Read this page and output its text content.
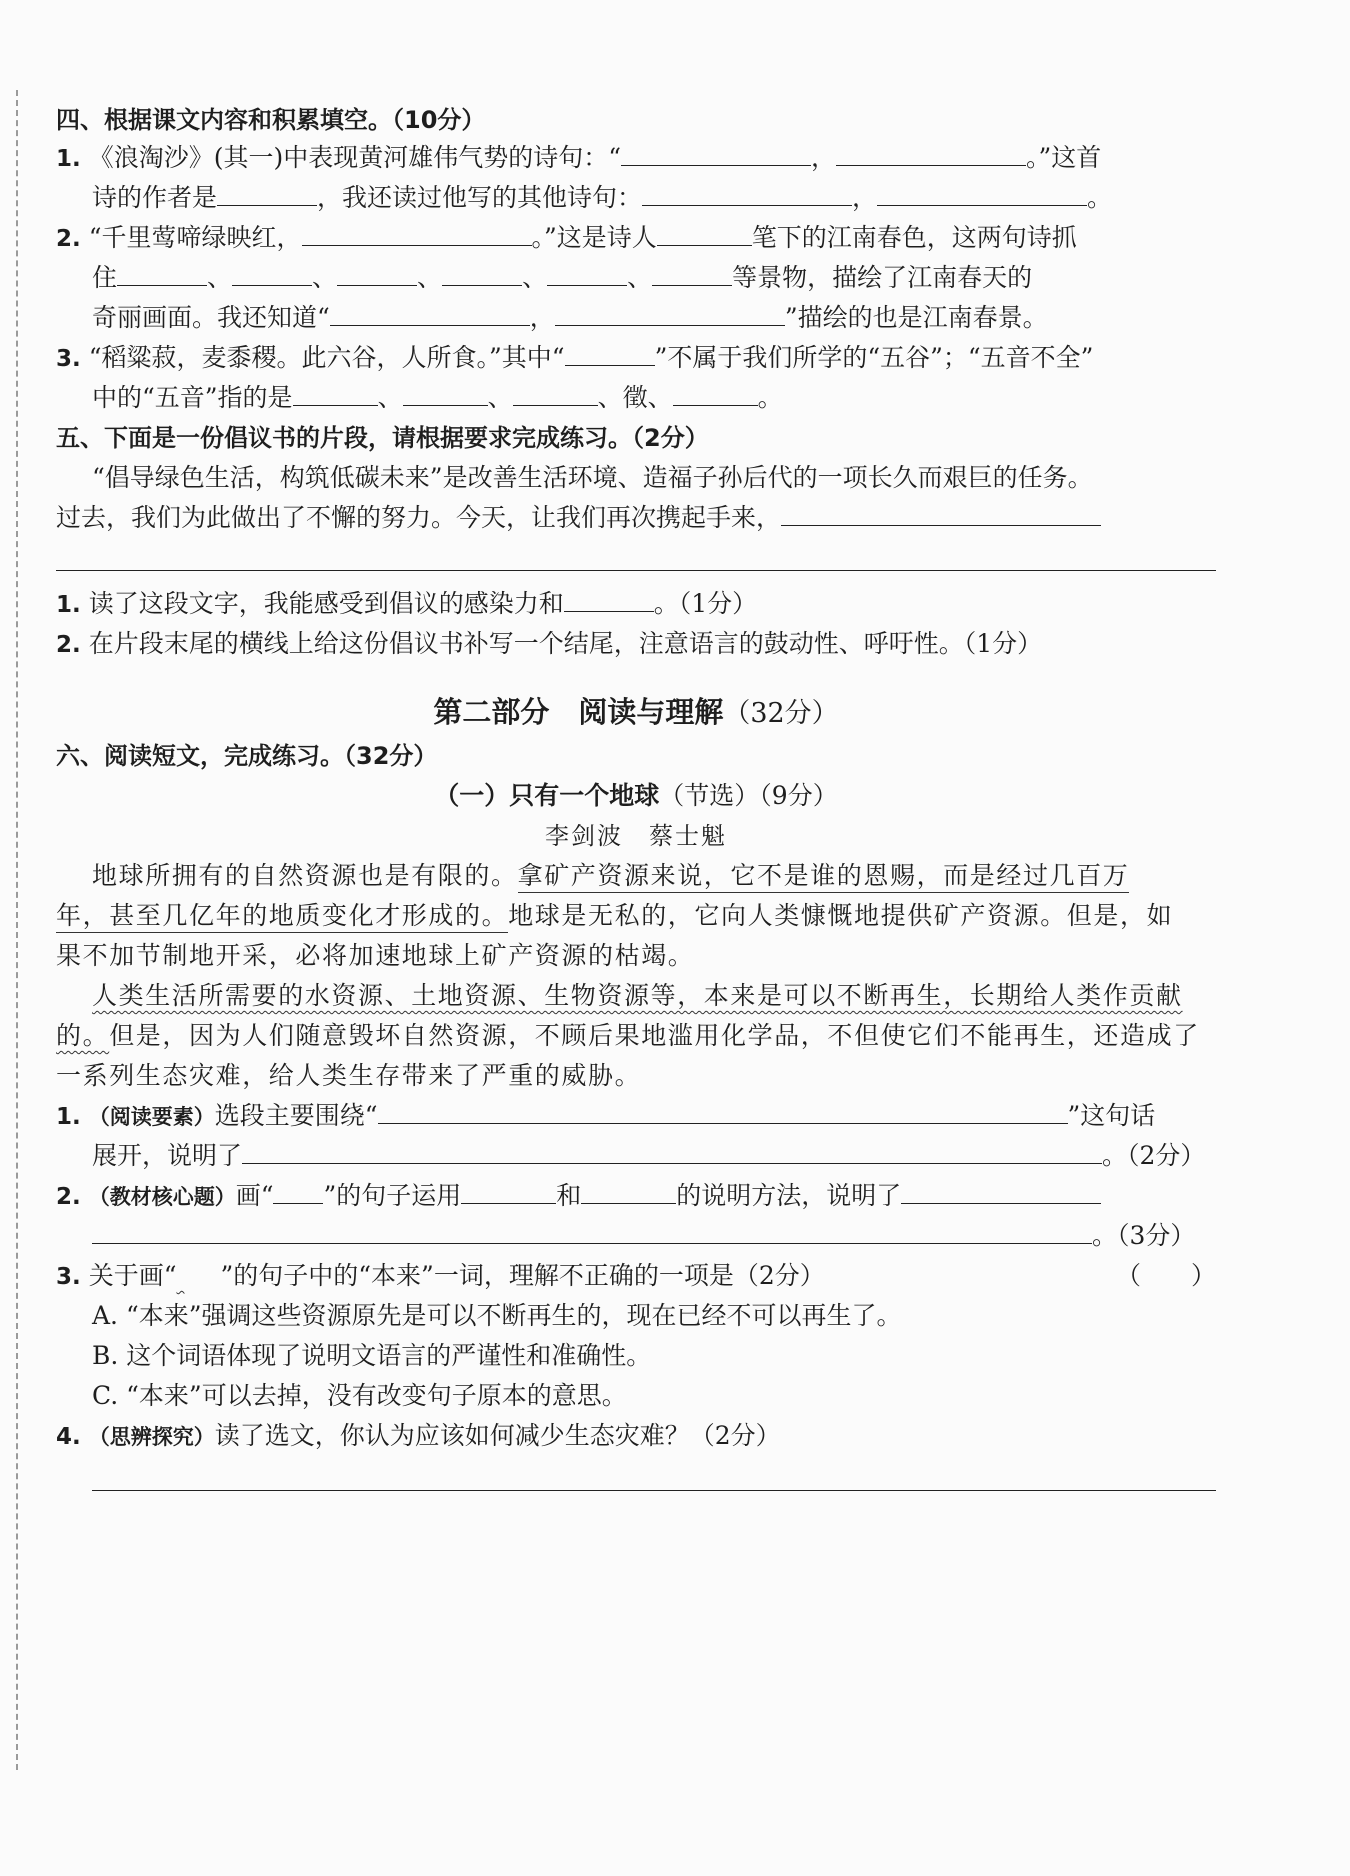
四、根据课文内容和积累填空。（10分）
1. 《浪淘沙》(其一)中表现黄河雄伟气势的诗句：“	，	。”这首
诗的作者是	，我还读过他写的其他诗句：	，	。
2. “千里莺啼绿映红，	。”这是诗人	笔下的江南春色，这两句诗抓
住	、	、	、	、	、	等景物，描绘了江南春天的
奇丽画面。我还知道“	，	”描绘的也是江南春景。
3. “稻粱菽，麦黍稷。此六谷，人所食。”其中“	”不属于我们所学的“五谷”；“五音不全”
中的“五音”指的是	、	、	、徵、	。
五、下面是一份倡议书的片段，请根据要求完成练习。（2分）
“倡导绿色生活，构筑低碳未来”是改善生活环境、造福子孙后代的一项长久而艰巨的任务。
过去，我们为此做出了不懈的努力。今天，让我们再次携起手来，
1. 读了这段文字，我能感受到倡议的感染力和	。（1分）
2. 在片段末尾的横线上给这份倡议书补写一个结尾，注意语言的鼓动性、呼吁性。（1分）
第二部分　阅读与理解（32分）
六、阅读短文，完成练习。（32分）
（一）只有一个地球（节选）（9分）
李剑波　蔡士魁
地球所拥有的自然资源也是有限的。拿矿产资源来说，它不是谁的恩赐，而是经过几百万
年，甚至几亿年的地质变化才形成的。地球是无私的，它向人类慷慨地提供矿产资源。但是，如
果不加节制地开采，必将加速地球上矿产资源的枯竭。
人类生活所需要的水资源、土地资源、生物资源等，本来是可以不断再生，长期给人类作贡献
的。但是，因为人们随意毁坏自然资源，不顾后果地滥用化学品，不但使它们不能再生，还造成了
一系列生态灾难，给人类生存带来了严重的威胁。
1. （阅读要素）选段主要围绕“	”这句话
展开，说明了	。（2分）
2. （教材核心题）画“ ”的句子运用	和	的说明方法，说明了
。（3分）
3. 关于画“ ”的句子中的“本来”一词，理解不正确的一项是（2分）	（　　）
A. “本来”强调这些资源原先是可以不断再生的，现在已经不可以再生了。
B. 这个词语体现了说明文语言的严谨性和准确性。
C. “本来”可以去掉，没有改变句子原本的意思。
4. （思辨探究）读了选文，你认为应该如何减少生态灾难？（2分）
